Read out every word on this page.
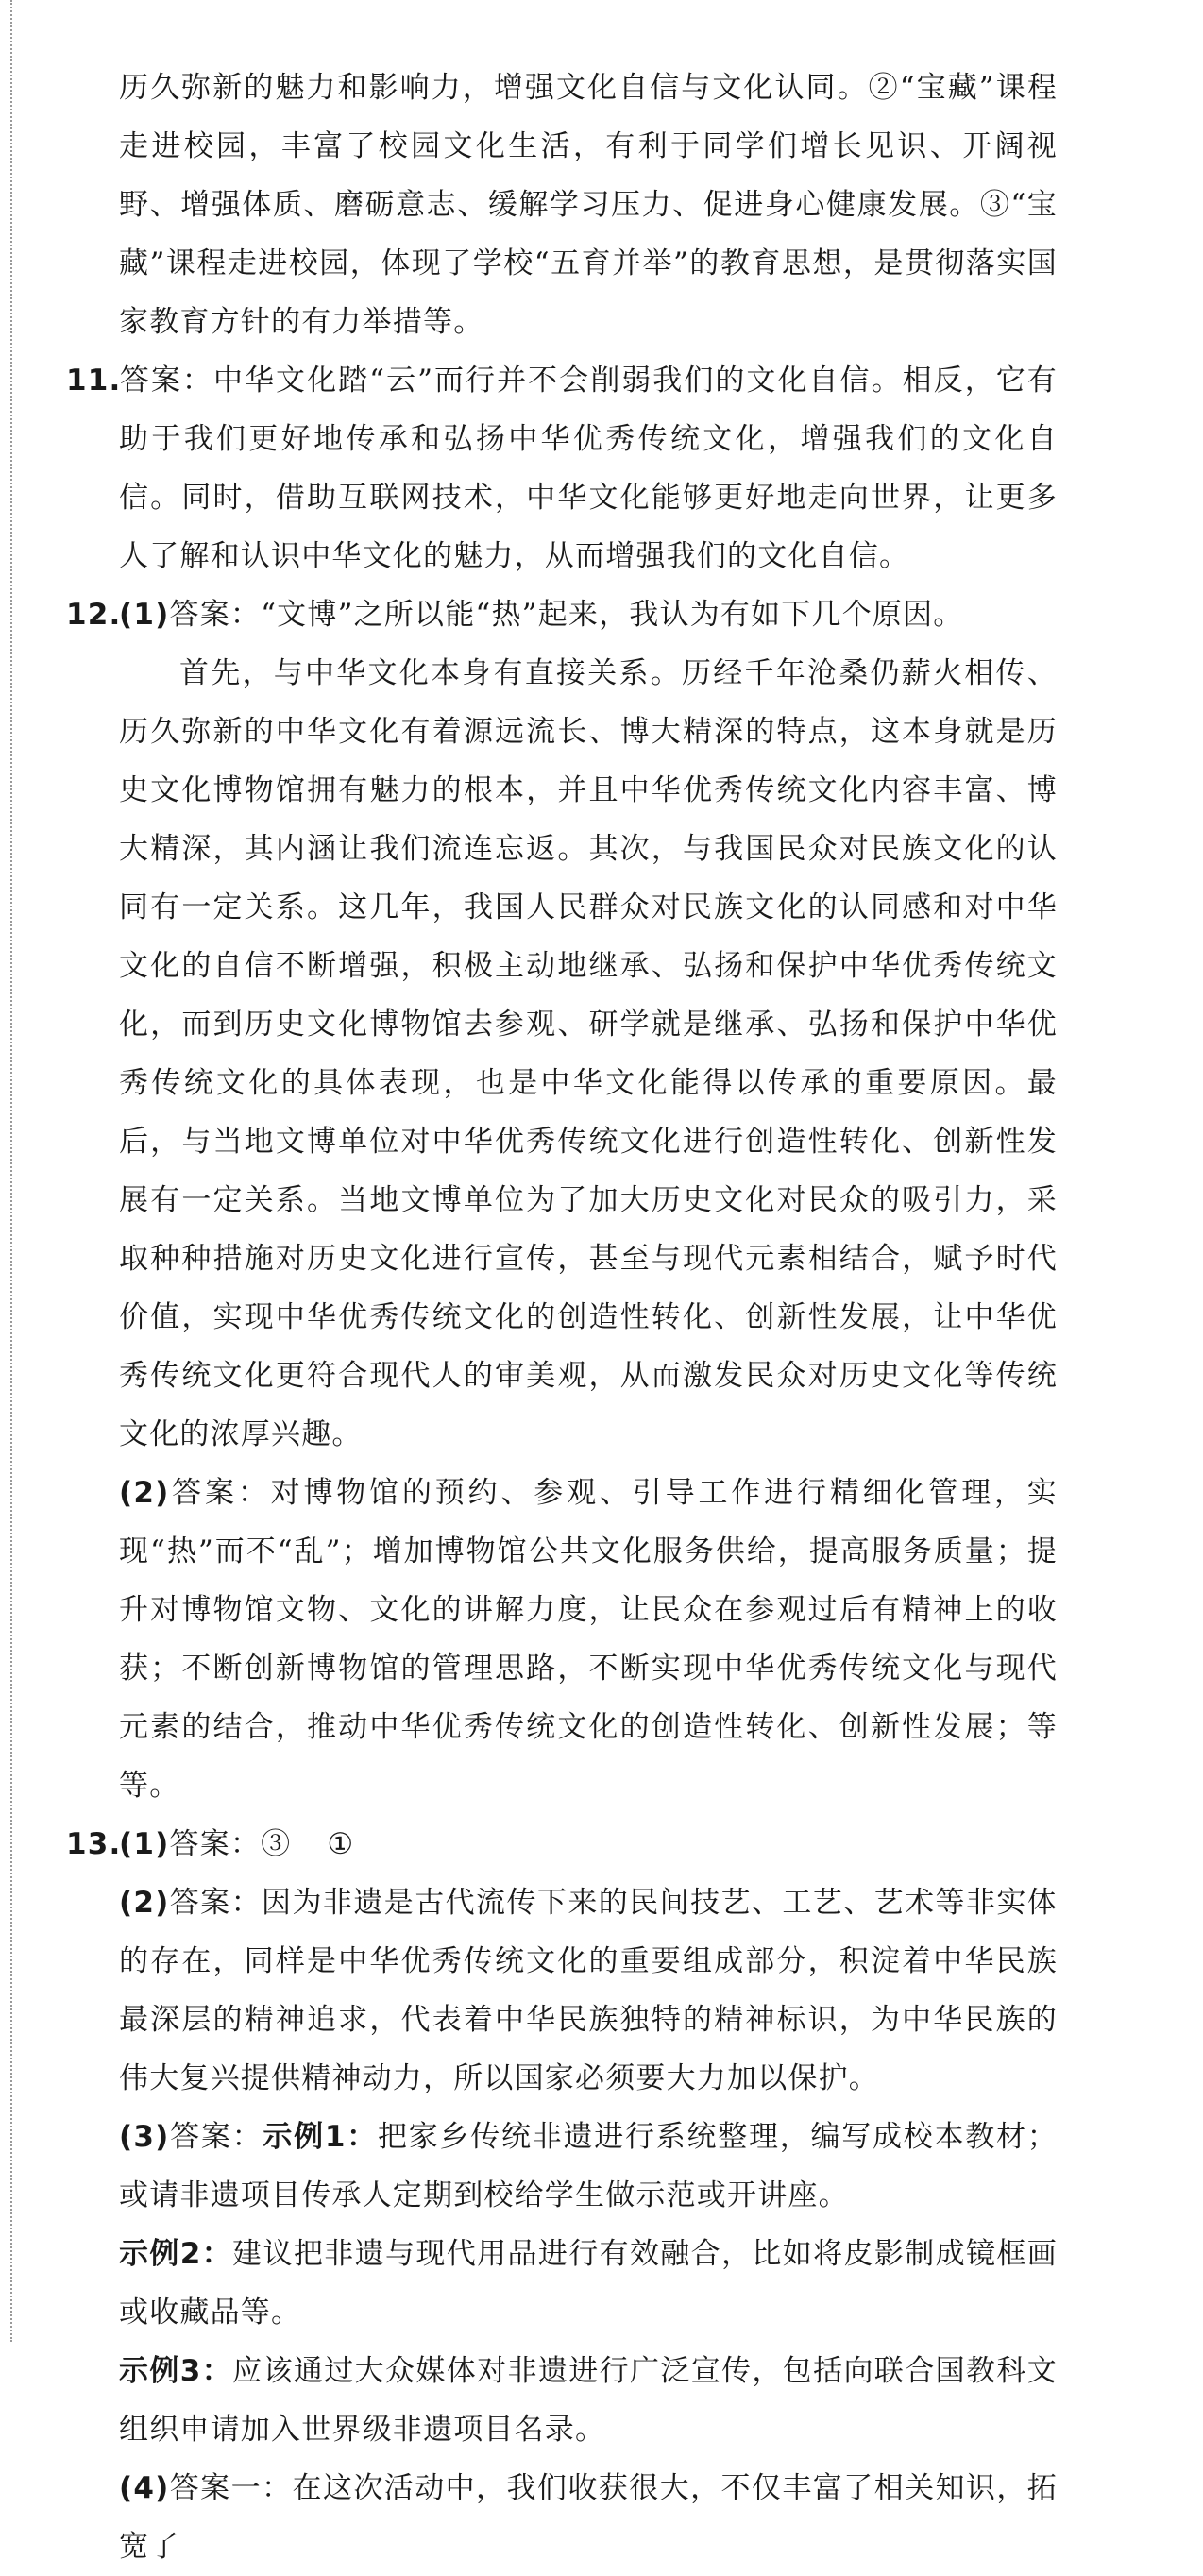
历久弥新的魅力和影响力，增强文化自信与文化认同。②“宝藏”课程走进校园，丰富了校园文化生活，有利于同学们增长见识、开阔视野、增强体质、磨砺意志、缓解学习压力、促进身心健康发展。③“宝藏”课程走进校园，体现了学校“五育并举”的教育思想，是贯彻落实国家教育方针的有力举措等。

11.答案：中华文化踏“云”而行并不会削弱我们的文化自信。相反，它有助于我们更好地传承和弘扬中华优秀传统文化，增强我们的文化自信。同时，借助互联网技术，中华文化能够更好地走向世界，让更多人了解和认识中华文化的魅力，从而增强我们的文化自信。

12.(1)答案：“文博”之所以能“热”起来，我认为有如下几个原因。

首先，与中华文化本身有直接关系。历经千年沧桑仍薪火相传、历久弥新的中华文化有着源远流长、博大精深的特点，这本身就是历史文化博物馆拥有魅力的根本，并且中华优秀传统文化内容丰富、博大精深，其内涵让我们流连忘返。其次，与我国民众对民族文化的认同有一定关系。这几年，我国人民群众对民族文化的认同感和对中华文化的自信不断增强，积极主动地继承、弘扬和保护中华优秀传统文化，而到历史文化博物馆去参观、研学就是继承、弘扬和保护中华优秀传统文化的具体表现，也是中华文化能得以传承的重要原因。最后，与当地文博单位对中华优秀传统文化进行创造性转化、创新性发展有一定关系。当地文博单位为了加大历史文化对民众的吸引力，采取种种措施对历史文化进行宣传，甚至与现代元素相结合，赋予时代价值，实现中华优秀传统文化的创造性转化、创新性发展，让中华优秀传统文化更符合现代人的审美观，从而激发民众对历史文化等传统文化的浓厚兴趣。

(2)答案：对博物馆的预约、参观、引导工作进行精细化管理，实现“热”而不“乱”；增加博物馆公共文化服务供给，提高服务质量；提升对博物馆文物、文化的讲解力度，让民众在参观过后有精神上的收获；不断创新博物馆的管理思路，不断实现中华优秀传统文化与现代元素的结合，推动中华优秀传统文化的创造性转化、创新性发展；等等。

13.(1)答案：③ ①

(2)答案：因为非遗是古代流传下来的民间技艺、工艺、艺术等非实体的存在，同样是中华优秀传统文化的重要组成部分，积淀着中华民族最深层的精神追求，代表着中华民族独特的精神标识，为中华民族的伟大复兴提供精神动力，所以国家必须要大力加以保护。

(3)答案：示例1：把家乡传统非遗进行系统整理，编写成校本教材；或请非遗项目传承人定期到校给学生做示范或开讲座。

示例2：建议把非遗与现代用品进行有效融合，比如将皮影制成镜框画或收藏品等。

示例3：应该通过大众媒体对非遗进行广泛宣传，包括向联合国教科文组织申请加入世界级非遗项目名录。

(4)答案一：在这次活动中，我们收获很大，不仅丰富了相关知识，拓宽了
